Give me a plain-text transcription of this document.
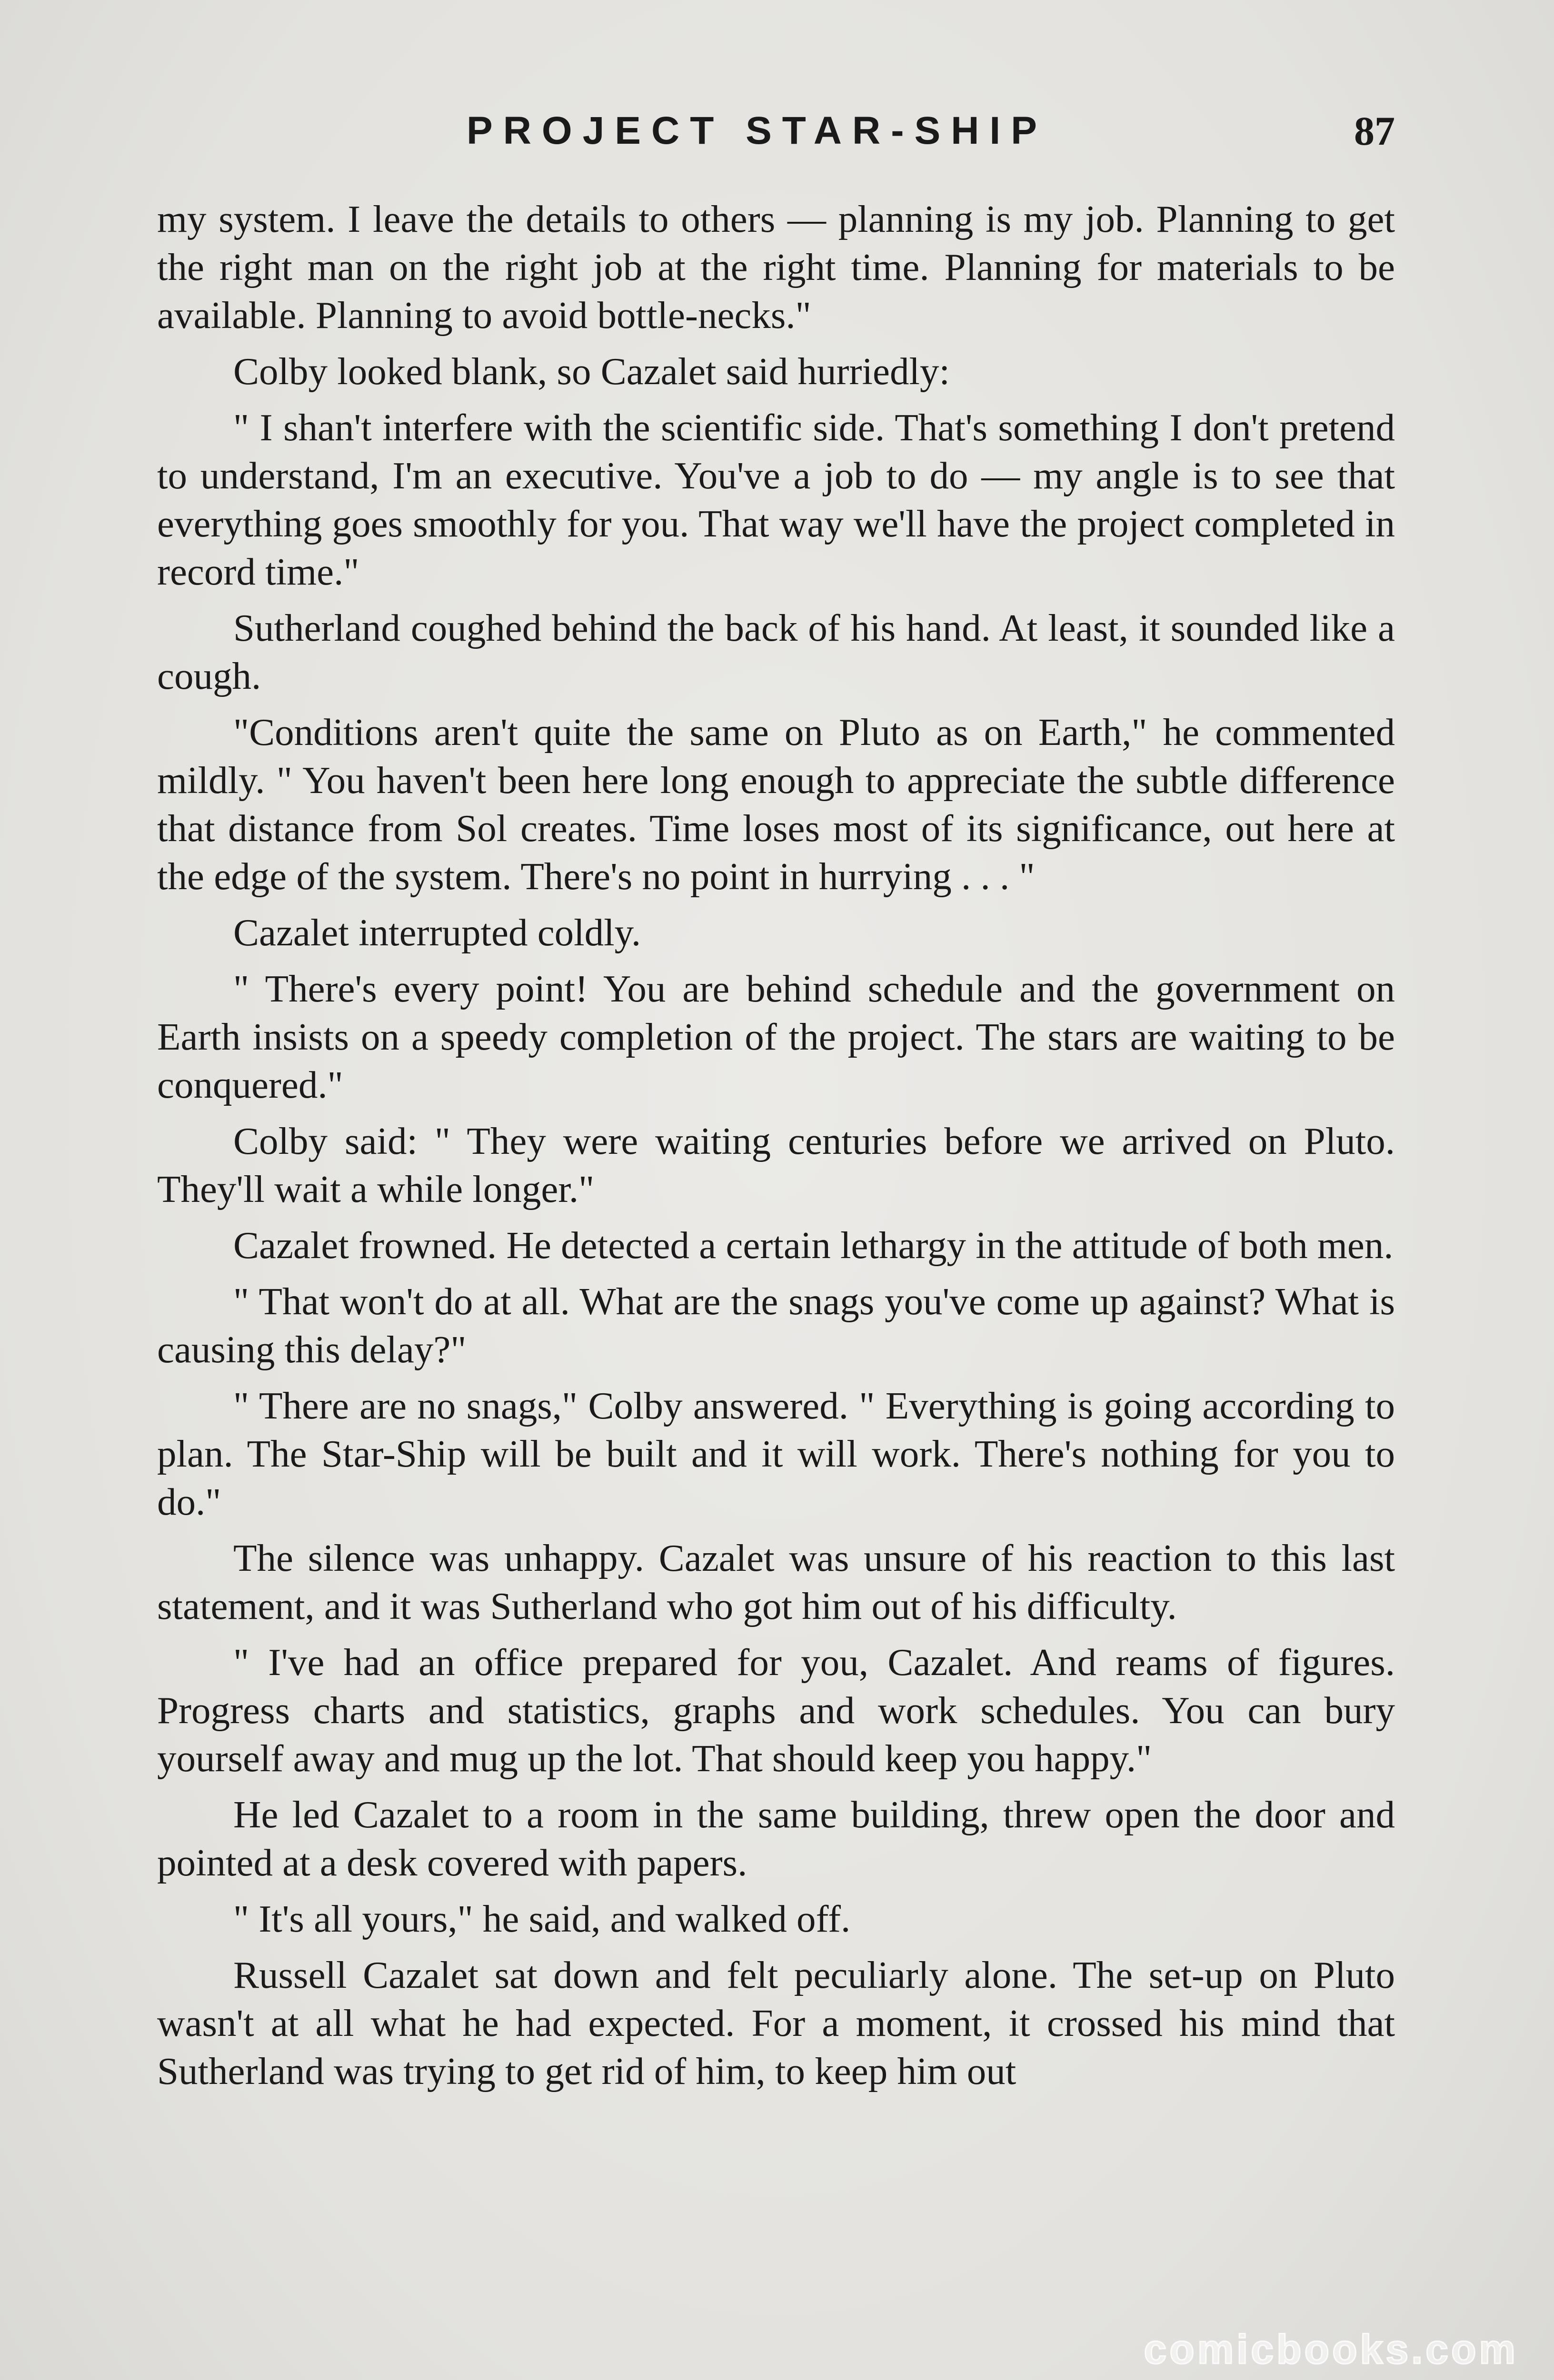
PROJECT STAR-SHIP	87

my system. I leave the details to others — planning is my job. Planning to get the right man on the right job at the right time. Planning for materials to be available. Planning to avoid bottle-necks."

Colby looked blank, so Cazalet said hurriedly:

" I shan't interfere with the scientific side. That's something I don't pretend to understand, I'm an executive. You've a job to do — my angle is to see that everything goes smoothly for you. That way we'll have the project completed in record time."

Sutherland coughed behind the back of his hand. At least, it sounded like a cough.

"Conditions aren't quite the same on Pluto as on Earth," he commented mildly. " You haven't been here long enough to appreciate the subtle difference that distance from Sol creates. Time loses most of its significance, out here at the edge of the system. There's no point in hurrying . . . "

Cazalet interrupted coldly.

" There's every point! You are behind schedule and the government on Earth insists on a speedy completion of the project. The stars are waiting to be conquered."

Colby said: " They were waiting centuries before we arrived on Pluto. They'll wait a while longer."

Cazalet frowned. He detected a certain lethargy in the attitude of both men.

" That won't do at all. What are the snags you've come up against? What is causing this delay?"

" There are no snags," Colby answered. " Everything is going according to plan. The Star-Ship will be built and it will work. There's nothing for you to do."

The silence was unhappy. Cazalet was unsure of his reaction to this last statement, and it was Sutherland who got him out of his difficulty.

" I've had an office prepared for you, Cazalet. And reams of figures. Progress charts and statistics, graphs and work schedules. You can bury yourself away and mug up the lot. That should keep you happy."

He led Cazalet to a room in the same building, threw open the door and pointed at a desk covered with papers.

" It's all yours," he said, and walked off.

Russell Cazalet sat down and felt peculiarly alone. The set-up on Pluto wasn't at all what he had expected. For a moment, it crossed his mind that Sutherland was trying to get rid of him, to keep him out

comicbooks.com
